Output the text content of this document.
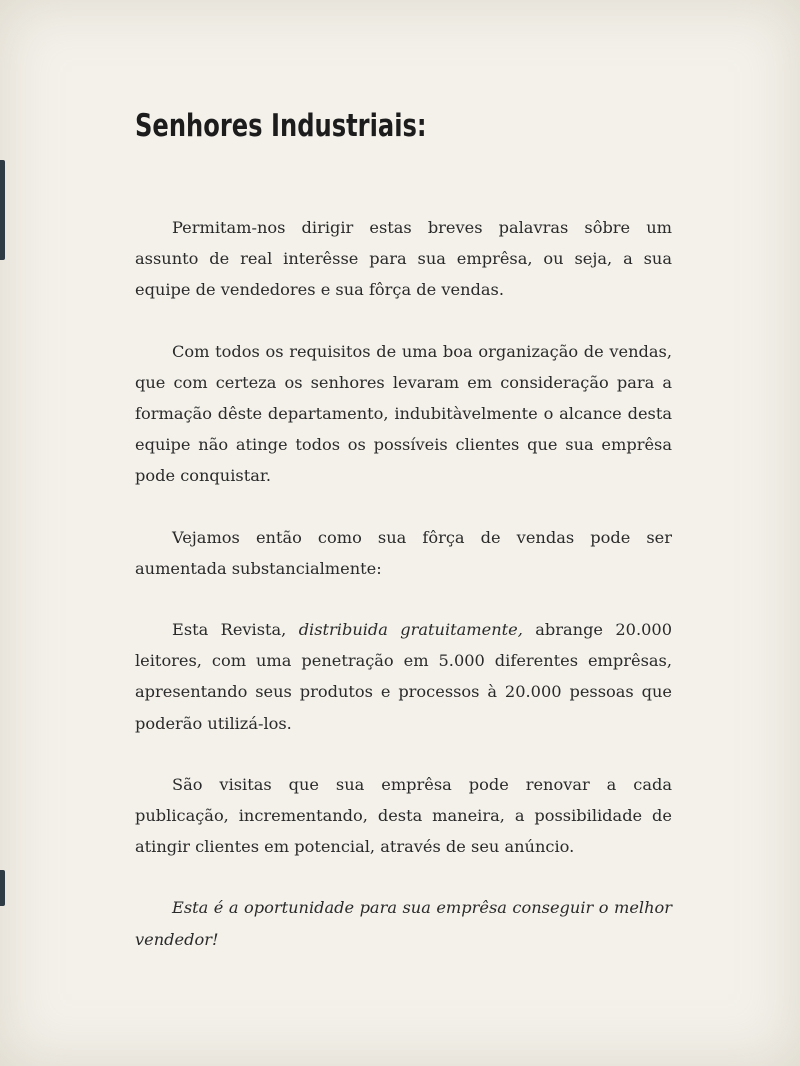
Senhores Industriais:

Permitam-nos dirigir estas breves palavras sôbre um assunto de real interêsse para sua emprêsa, ou seja, a sua equipe de vendedores e sua fôrça de vendas.

Com todos os requisitos de uma boa organização de vendas, que com certeza os senhores levaram em consideração para a formação dêste departamento, indubitàvelmente o alcance desta equipe não atinge todos os possíveis clientes que sua emprêsa pode conquistar.

Vejamos então como sua fôrça de vendas pode ser aumentada substancialmente:

Esta Revista, distribuida gratuitamente, abrange 20.000 leitores, com uma penetração em 5.000 diferentes emprêsas, apresentando seus produtos e processos à 20.000 pessoas que poderão utilizá-los.

São visitas que sua emprêsa pode renovar a cada publicação, incrementando, desta maneira, a possibilidade de atingir clientes em potencial, através de seu anúncio.

Esta é a oportunidade para sua emprêsa conseguir o melhor vendedor!
